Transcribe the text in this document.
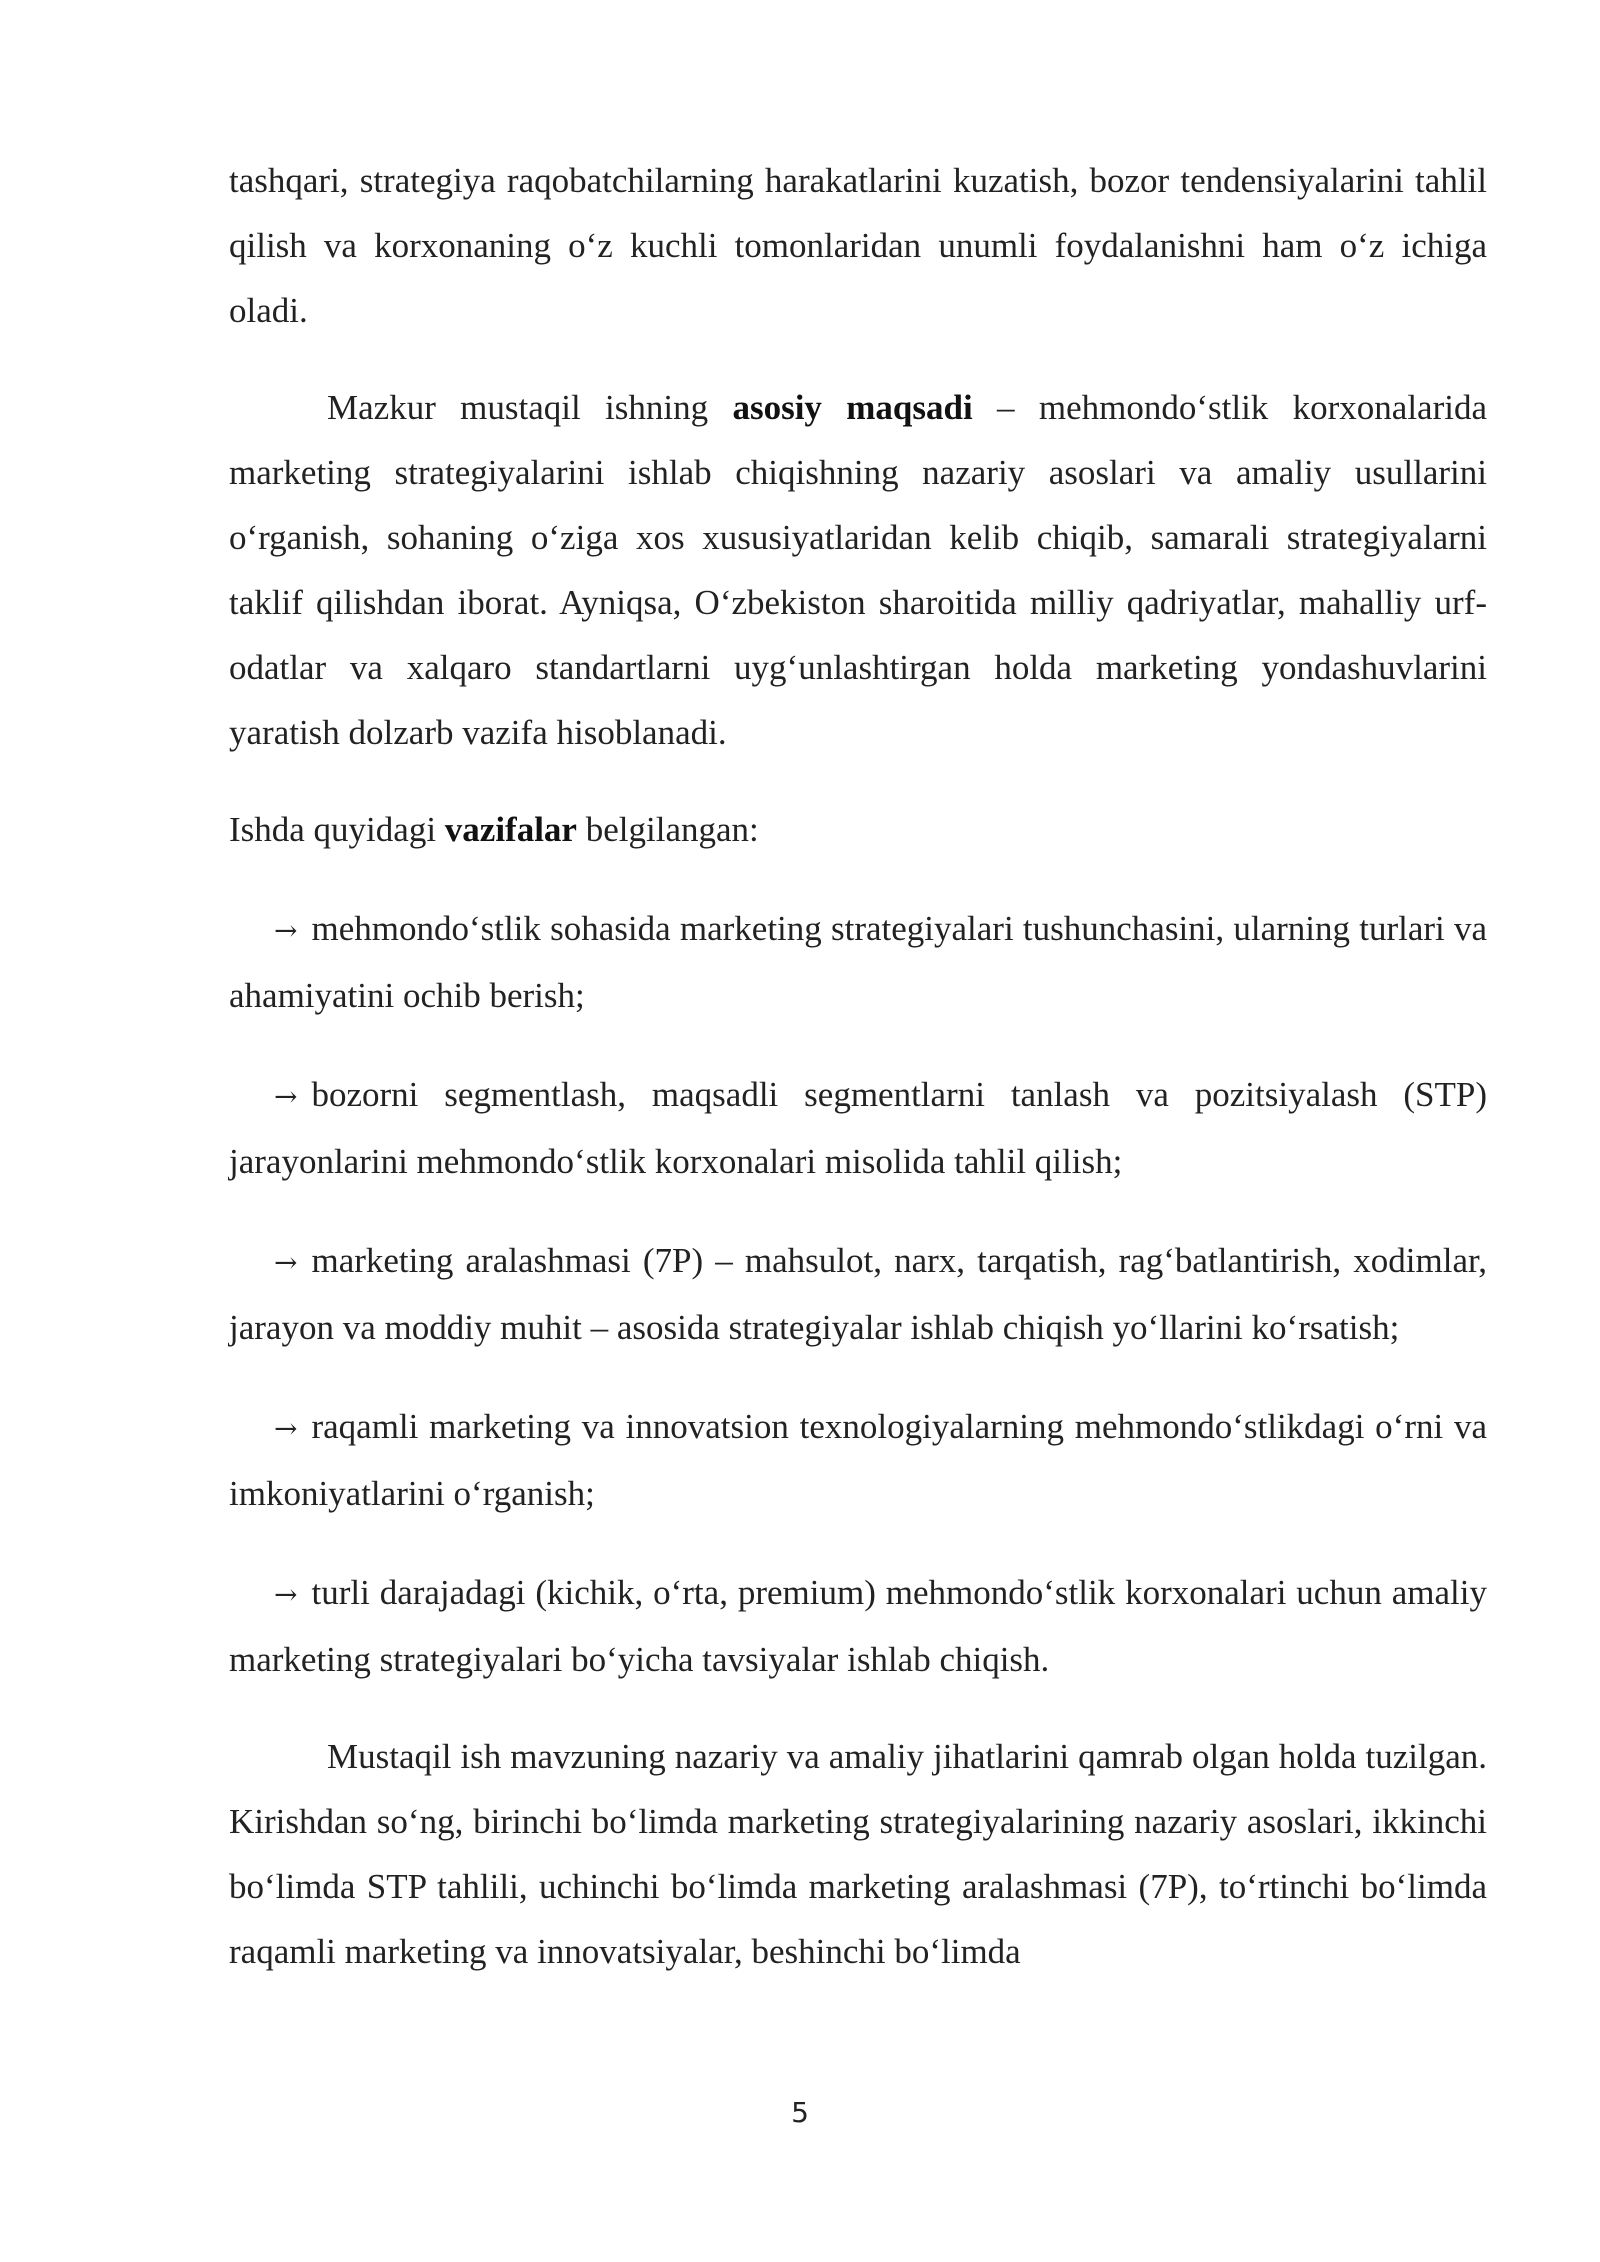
tashqari, strategiya raqobatchilarning harakatlarini kuzatish, bozor tendensiyalarini tahlil qilish va korxonaning o‘z kuchli tomonlaridan unumli foydalanishni ham o‘z ichiga oladi.

Mazkur mustaqil ishning asosiy maqsadi – mehmondo‘stlik korxonalarida marketing strategiyalarini ishlab chiqishning nazariy asoslari va amaliy usullarini o‘rganish, sohaning o‘ziga xos xususiyatlaridan kelib chiqib, samarali strategiyalarni taklif qilishdan iborat. Ayniqsa, O‘zbekiston sharoitida milliy qadriyatlar, mahalliy urf-odatlar va xalqaro standartlarni uyg‘unlashtirgan holda marketing yondashuvlarini yaratish dolzarb vazifa hisoblanadi.

Ishda quyidagi vazifalar belgilangan:

→ mehmondo‘stlik sohasida marketing strategiyalari tushunchasini, ularning turlari va ahamiyatini ochib berish;

→ bozorni segmentlash, maqsadli segmentlarni tanlash va pozitsiyalash (STP) jarayonlarini mehmondo‘stlik korxonalari misolida tahlil qilish;

→ marketing aralashmasi (7P) – mahsulot, narx, tarqatish, rag‘batlantirish, xodimlar, jarayon va moddiy muhit – asosida strategiyalar ishlab chiqish yo‘llarini ko‘rsatish;

→ raqamli marketing va innovatsion texnologiyalarning mehmondo‘stlikdagi o‘rni va imkoniyatlarini o‘rganish;

→ turli darajadagi (kichik, o‘rta, premium) mehmondo‘stlik korxonalari uchun amaliy marketing strategiyalari bo‘yicha tavsiyalar ishlab chiqish.

Mustaqil ish mavzuning nazariy va amaliy jihatlarini qamrab olgan holda tuzilgan. Kirishdan so‘ng, birinchi bo‘limda marketing strategiyalarining nazariy asoslari, ikkinchi bo‘limda STP tahlili, uchinchi bo‘limda marketing aralashmasi (7P), to‘rtinchi bo‘limda raqamli marketing va innovatsiyalar, beshinchi bo‘limda

5
